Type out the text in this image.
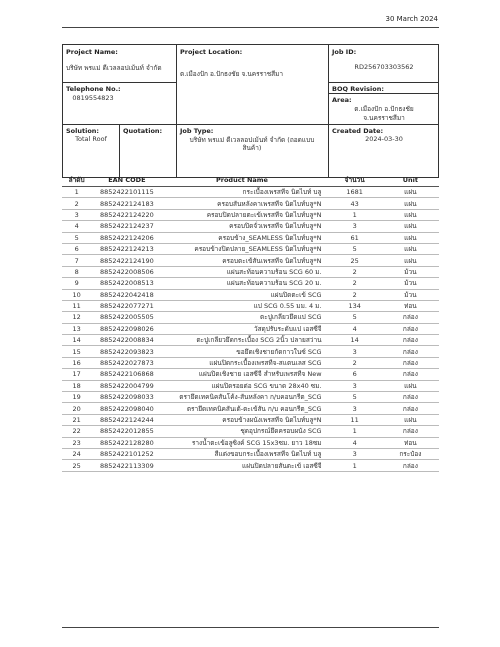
30 March 2024
Project Name:
บริษัท พรแม่ ดีเวลลอปเม้นท์ จำกัด
Project Location:
ต.เมืองปัก อ.ปักธงชัย จ.นครราชสีมา
Job ID:
RD256703303562
Telephone No.:
0819554823
BOQ Revision:
Area:
ต.เมืองปัก อ.ปักธงชัย
จ.นครราชสีมา
Solution:
Total Roof
Quotation:	Job Type:
บริษัท พรแม่ ดีเวลลอปเม้นท์ จำกัด (ถอดแบบ
สินค้า)
Created Date:
2024-03-30
ลำดับ	EAN CODE	Product Name	จำนวน	Unit
1	8852422101115	กระเบื้องเพรสทีจ นิดไบท์ บลู	1681	แผ่น
2	8852422124183	ครอบสันหลังคาเพรสทีจ นิดไบท์บลู*N	43	แผ่น
3	8852422124220	ครอบปิดปลายตะเข้เพรสทีจ นิดไบท์บลู*N	1	แผ่น
4	8852422124237	ครอบปิดจั่วเพรสทีจ นิดไบท์บลู*N	3	แผ่น
5	8852422124206	ครอบข้าง_SEAMLESS นิดไบท์บลู*N	61	แผ่น
6	8852422124213	ครอบข้างปิดปลาย_SEAMLESS นิดไบท์บลู*N	5	แผ่น
7	8852422124190	ครอบตะเข้สันเพรสทีจ นิดไบท์บลู*N	25	แผ่น
8	8852422008506	แผ่นสะท้อนความร้อน SCG 60 ม.	2	ม้วน
9	8852422008513	แผ่นสะท้อนความร้อน SCG 20 ม.	2	ม้วน
10	8852422042418	แผ่นปิดตะเข้ SCG	2	ม้วน
11	8852422077271	แป SCG 0.55 มม. 4 ม.	134	ท่อน
12	8852422005505	ตะปูเกลียวยึดแป SCG	5	กล่อง
13	8852422098026	วัสดุปรับระดับแป เอสซีจี	4	กล่อง
14	8852422008834	ตะปูเกลียวยึดกระเบื้อง SCG 2นิ้ว ปลายสว่าน	14	กล่อง
15	8852422093823	ขอยึดเชิงชายกัดกาวในซ์ SCG	3	กล่อง
16	8852422027873	แผ่นปิดกระเบื้องเพรสทีจ-สแตนเลส SCG	2	กล่อง
17	8852422106868	แผ่นปิดเชิงชาย เอสซีจี สำหรับเพรสทีจ New	6	กล่อง
18	8852422004799	แผ่นปิดรอยต่อ SCG ขนาด 28x40 ซม.	3	แผ่น
19	8852422098033	ตรายึดเทคนิคสันโค้ง-สันหลังคา ก/บคอนกรีต_SCG	5	กล่อง
20	8852422098040	ตรายึดเทคนิคสันเต้-ตะเข้สัน ก/บ คอนกรีต_SCG	3	กล่อง
21	8852422124244	ครอบข้างผนังเพรสทีจ นิดไบท์บลู*N	11	แผ่น
22	8852422012855	ชุดอุปกรณ์ยึดครอบผนัง SCG	1	กล่อง
23	8852422128280	รางน้ำตะเข้อลูซิงค์ SCG 15x3ซม. ยาว 18ซม	4	ท่อน
24	8852422101252	สีแต่งขอบกระเบื้องเพรสทีจ นิดไบท์ บลู	3	กระป๋อง
25	8852422113309	แผ่นปิดปลายสันตะเข้ เอสซีจี	1	กล่อง
